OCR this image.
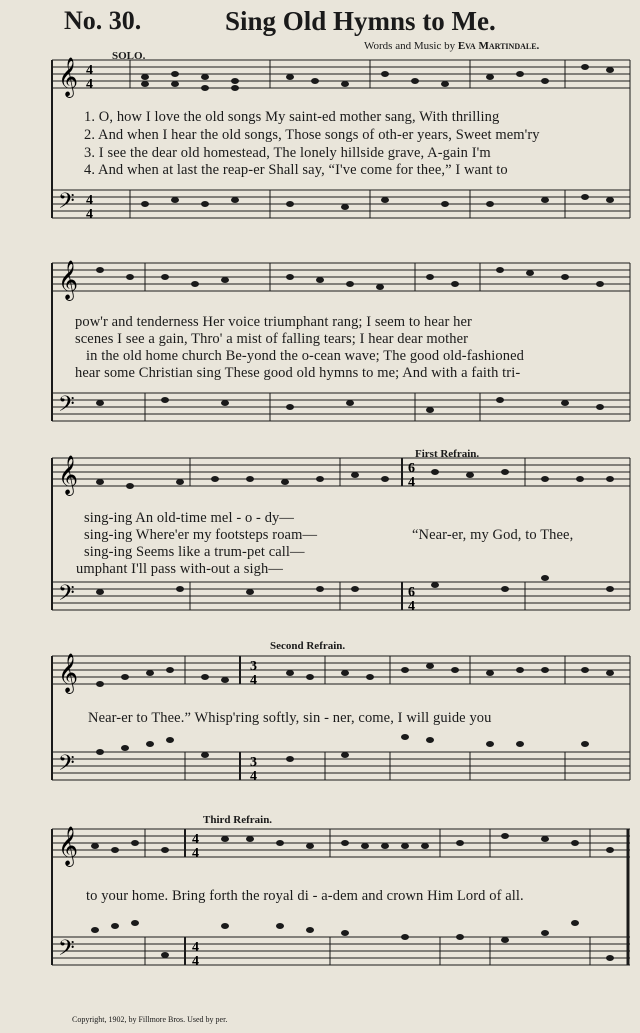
No. 30.	Sing Old Hymns to Me.
Words and Music by Eva Martindale.
𝄞
𝄢
4
4
4
4
SOLO.
1. O, how I love the old songs My saint-ed mother sang, With thrilling
2. And when I hear the old songs, Those songs of oth-er years, Sweet mem'ry
3. I see the dear old homestead, The lonely hillside grave, A-gain I'm
4. And when at last the reap-er Shall say, “I've come for thee,” I want to
𝄞
𝄢
pow'r and tenderness Her voice triumphant rang; I seem to hear her
scenes I see a gain, Thro' a mist of falling tears; I hear dear mother
in the old home church Be-yond the o-cean wave; The good old-fashioned
hear some Christian sing These good old hymns to me; And with a faith tri-
𝄞
𝄢
6
4
6
4
First Refrain.
sing-ing An old-time mel - o - dy—
sing-ing Where'er my footsteps roam—
sing-ing Seems like a trum-pet call—
umphant I'll pass with-out a sigh—
“Near-er, my God, to Thee,
𝄞
𝄢
3
4
3
4
Second Refrain.
Near-er to Thee.” Whisp'ring softly, sin - ner, come, I will guide you
𝄞
𝄢
4
4
4
4
Third Refrain.
to your home. Bring forth the royal di - a-dem and crown Him Lord of all.
Copyright, 1902, by Fillmore Bros. Used by per.
